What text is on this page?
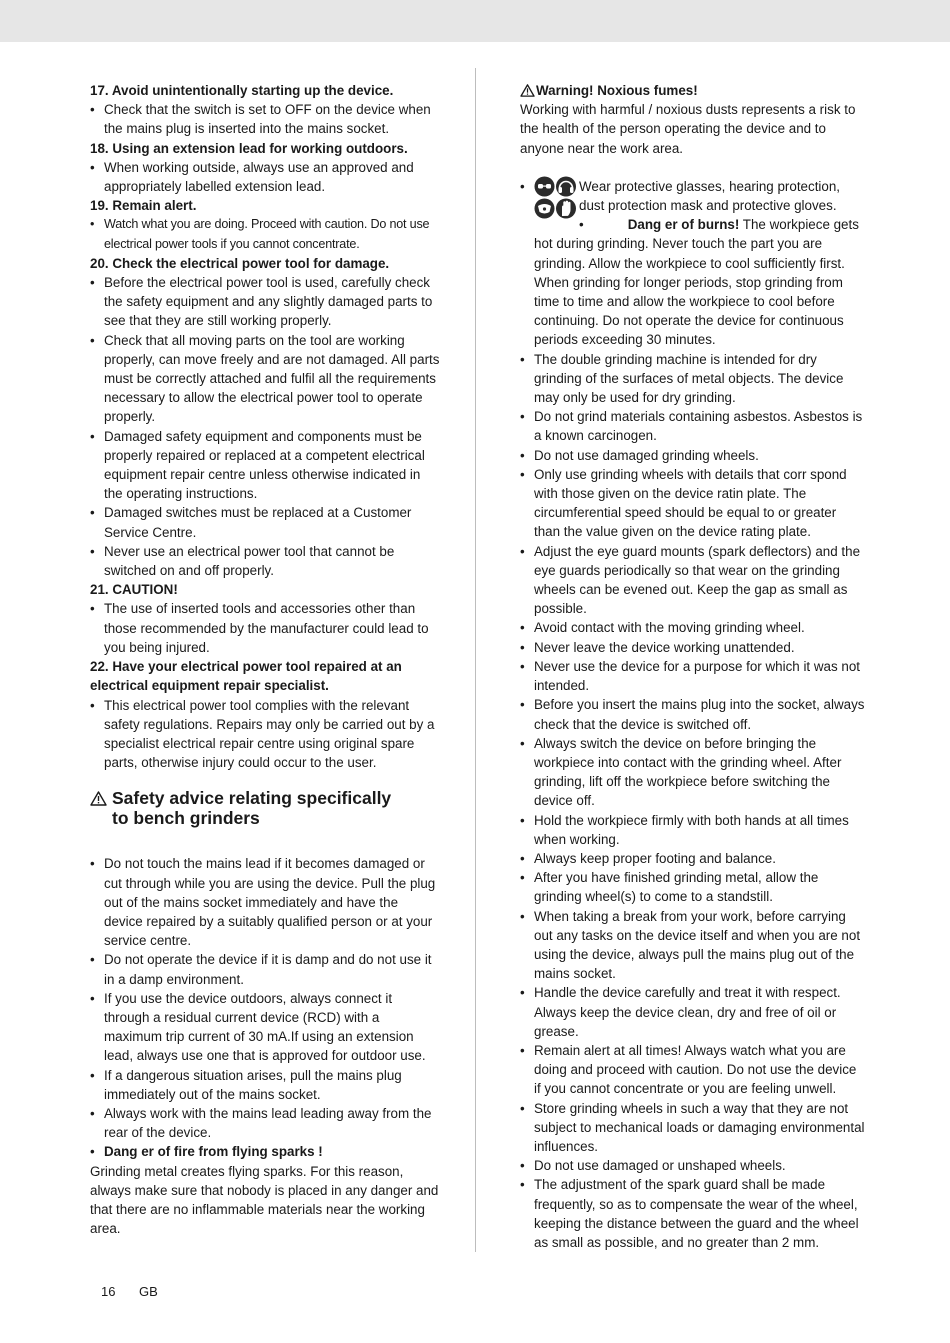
17. Avoid unintentionally starting up the device.
• Check that the switch is set to OFF on the device when the mains plug is inserted into the mains socket.
18. Using an extension lead for working outdoors.
• When working outside, always use an approved and appropriately labelled extension lead.
19. Remain alert.
• Watch what you are doing. Proceed with caution. Do not use electrical power tools if you cannot concentrate.
20. Check the electrical power tool for damage.
• Before the electrical power tool is used, carefully check the safety equipment and any slightly damaged parts to see that they are still working properly.
• Check that all moving parts on the tool are working properly, can move freely and are not damaged. All parts must be correctly attached and fulfil all the requirements necessary to allow the electrical power tool to operate properly.
• Damaged safety equipment and components must be properly repaired or replaced at a competent electrical equipment repair centre unless otherwise indicated in the operating instructions.
• Damaged switches must be replaced at a Customer Service Centre.
• Never use an electrical power tool that cannot be switched on and off properly.
21. CAUTION!
• The use of inserted tools and accessories other than those recommended by the manufacturer could lead to you being injured.
22. Have your electrical power tool repaired at an electrical equipment repair specialist.
• This electrical power tool complies with the relevant safety regulations. Repairs may only be carried out by a specialist electrical repair centre using original spare parts, otherwise injury could occur to the user.
Safety advice relating specifically
to bench grinders
• Do not touch the mains lead if it becomes damaged or cut through while you are using the device. Pull the plug out of the mains socket immediately and have the device repaired by a suitably qualified person or at your service centre.
• Do not operate the device if it is damp and do not use it in a damp environment.
• If you use the device outdoors, always connect it through a residual current device (RCD) with a maximum trip current of 30 mA.If using an extension lead, always use one that is approved for outdoor use.
• If a dangerous situation arises, pull the mains plug immediately out of the mains socket.
• Always work with the mains lead leading away from the rear of the device.
• Dang er of fire from flying sparks !

Grinding metal creates flying sparks. For this reason, always make sure that nobody is placed in any danger and that there are no inflammable materials near the working area.

Warning! Noxious fumes!

Working with harmful / noxious dusts represents a risk to the health of the person operating the device and to anyone near the work area.

•	Wear protective glasses, hearing protection, dust protection mask and protective gloves.
•	Dang er of burns! The workpiece gets hot during grinding. Never touch the part you are grinding. Allow the workpiece to cool sufficiently first. When grinding for longer periods, stop grinding from time to time and allow the workpiece to cool before continuing. Do not operate the device for continuous periods exceeding 30 minutes.
• The double grinding machine is intended for dry grinding of the surfaces of metal objects. The device may only be used for dry grinding.
• Do not grind materials containing asbestos. Asbestos is a known carcinogen.
• Do not use damaged grinding wheels.
• Only use grinding wheels with details that corr spond with those given on the device ratin plate. The circumferential speed should be equal to or greater than the value given on the device rating plate.
• Adjust the eye guard mounts (spark deflectors) and the eye guards periodically so that wear on the grinding wheels can be evened out. Keep the gap as small as possible.
• Avoid contact with the moving grinding wheel.
• Never leave the device working unattended.
• Never use the device for a purpose for which it was not intended.
• Before you insert the mains plug into the socket, always check that the device is switched off.
• Always switch the device on before bringing the workpiece into contact with the grinding wheel. After grinding, lift off the workpiece before switching the device off.
• Hold the workpiece firmly with both hands at all times when working.
• Always keep proper footing and balance.
• After you have finished grinding metal, allow the grinding wheel(s) to come to a standstill.
• When taking a break from your work, before carrying out any tasks on the device itself and when you are not using the device, always pull the mains plug out of the mains socket.
• Handle the device carefully and treat it with respect. Always keep the device clean, dry and free of oil or grease.
• Remain alert at all times! Always watch what you are doing and proceed with caution. Do not use the device if you cannot concentrate or you are feeling unwell.
• Store grinding wheels in such a way that they are not subject to mechanical loads or damaging environmental influences.
• Do not use damaged or unshaped wheels.
• The adjustment of the spark guard shall be made frequently, so as to compensate the wear of the wheel, keeping the distance between the guard and the wheel as small as possible, and no greater than 2 mm.
16 GB
